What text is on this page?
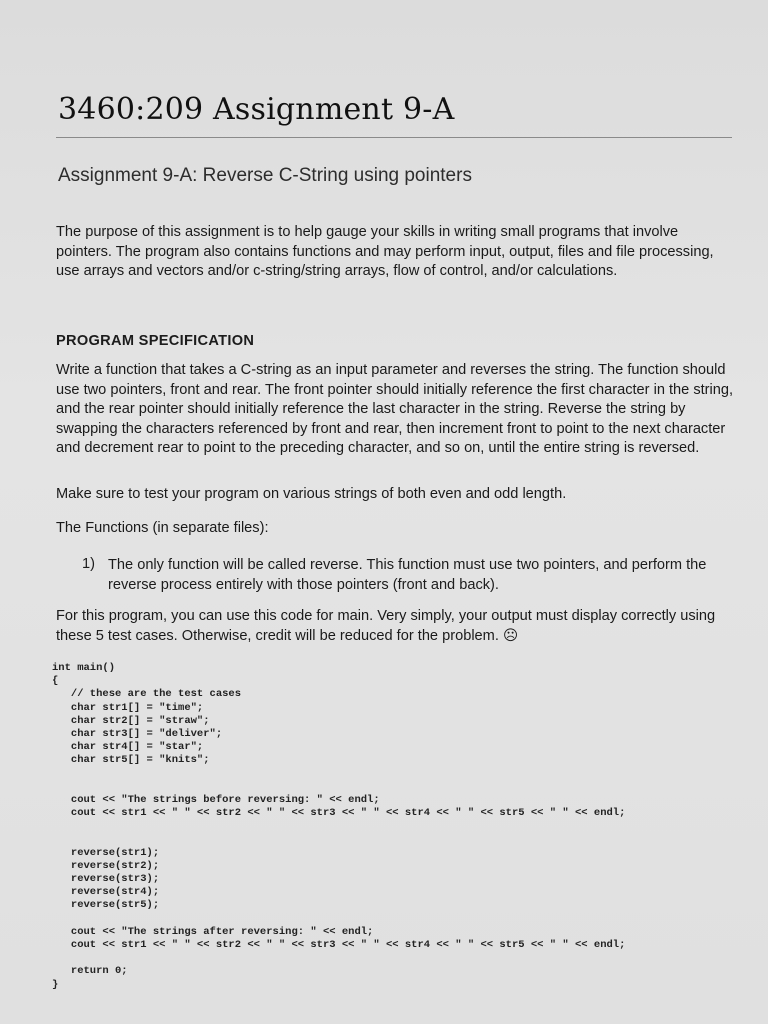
3460:209 Assignment 9-A
Assignment 9-A: Reverse C-String using pointers
The purpose of this assignment is to help gauge your skills in writing small programs that involve pointers. The program also contains functions and may perform input, output, files and file processing, use arrays and vectors and/or c-string/string arrays, flow of control, and/or calculations.
PROGRAM SPECIFICATION
Write a function that takes a C-string as an input parameter and reverses the string. The function should use two pointers, front and rear. The front pointer should initially reference the first character in the string, and the rear pointer should initially reference the last character in the string. Reverse the string by swapping the characters referenced by front and rear, then increment front to point to the next character and decrement rear to point to the preceding character, and so on, until the entire string is reversed.
Make sure to test your program on various strings of both even and odd length.
The Functions (in separate files):
1) The only function will be called reverse. This function must use two pointers, and perform the reverse process entirely with those pointers (front and back).
For this program, you can use this code for main. Very simply, your output must display correctly using these 5 test cases. Otherwise, credit will be reduced for the problem. ☹
int main()
{
// these are the test cases
char str1[] = "time";
char str2[] = "straw";
char str3[] = "deliver";
char str4[] = "star";
char str5[] = "knits";
cout << "The strings before reversing: " << endl;
cout << str1 << " " << str2 << " " << str3 << " " << str4 << " " << str5 << " " << endl;
reverse(str1);
reverse(str2);
reverse(str3);
reverse(str4);
reverse(str5);
cout << "The strings after reversing: " << endl;
cout << str1 << " " << str2 << " " << str3 << " " << str4 << " " << str5 << " " << endl;
return 0;
}
